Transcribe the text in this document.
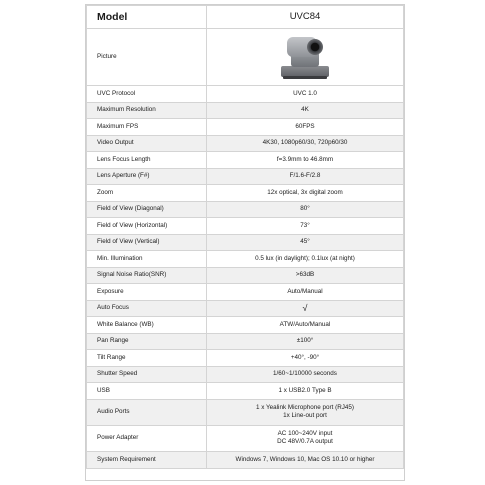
Model	UVC84
Picture	

UVC Protocol	UVC 1.0
Maximum Resolution	4K
Maximum FPS	60FPS
Video Output	4K30, 1080p60/30, 720p60/30
Lens Focus Length	f=3.9mm to 46.8mm
Lens Aperture (F#)	F/1.6-F/2.8
Zoom	12x optical, 3x digital zoom
Field of View (Diagonal)	80°
Field of View (Horizontal)	73°
Field of View (Vertical)	45°
Min. Illumination	0.5 lux (in daylight); 0.1lux (at night)
Signal Noise Ratio(SNR)	>63dB
Exposure	Auto/Manual
Auto Focus	√
White Balance (WB)	ATW/Auto/Manual
Pan Range	±100°
Tilt Range	+40°, -90°
Shutter Speed	1/60~1/10000 seconds
USB	1 x USB2.0 Type B
Audio Ports	1 x Yealink Microphone port (RJ45)
1x Line-out port

Power Adapter	AC 100~240V input
DC 48V/0.7A output

System Requirement	Windows 7, Windows 10, Mac OS 10.10 or higher
